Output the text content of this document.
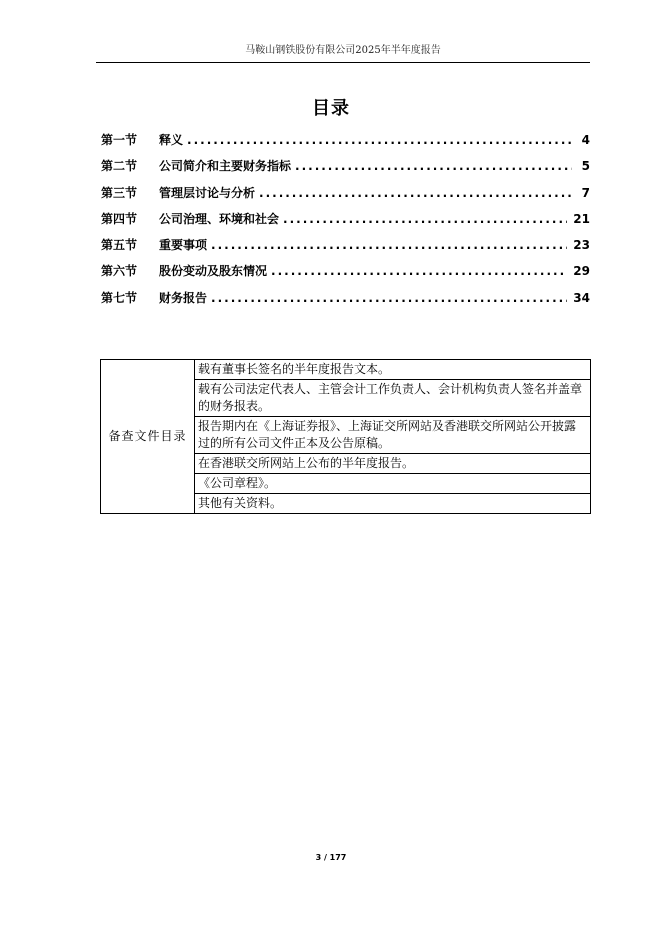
马鞍山钢铁股份有限公司2025年半年度报告
目录
第一节	释义 .....	4
第二节	公司简介和主要财务指标 .....	5
第三节	管理层讨论与分析 .....	7
第四节	公司治理、环境和社会 .....	21
第五节	重要事项 .....	23
第六节	股份变动及股东情况 .....	29
第七节	财务报告 .....	34
备查文件目录	载有董事长签名的半年度报告文本。
载有公司法定代表人、主管会计工作负责人、会计机构负责人签名并盖章的财务报表。
报告期内在《上海证券报》、上海证交所网站及香港联交所网站公开披露过的所有公司文件正本及公告原稿。
在香港联交所网站上公布的半年度报告。
《公司章程》。
其他有关资料。
3 / 177
